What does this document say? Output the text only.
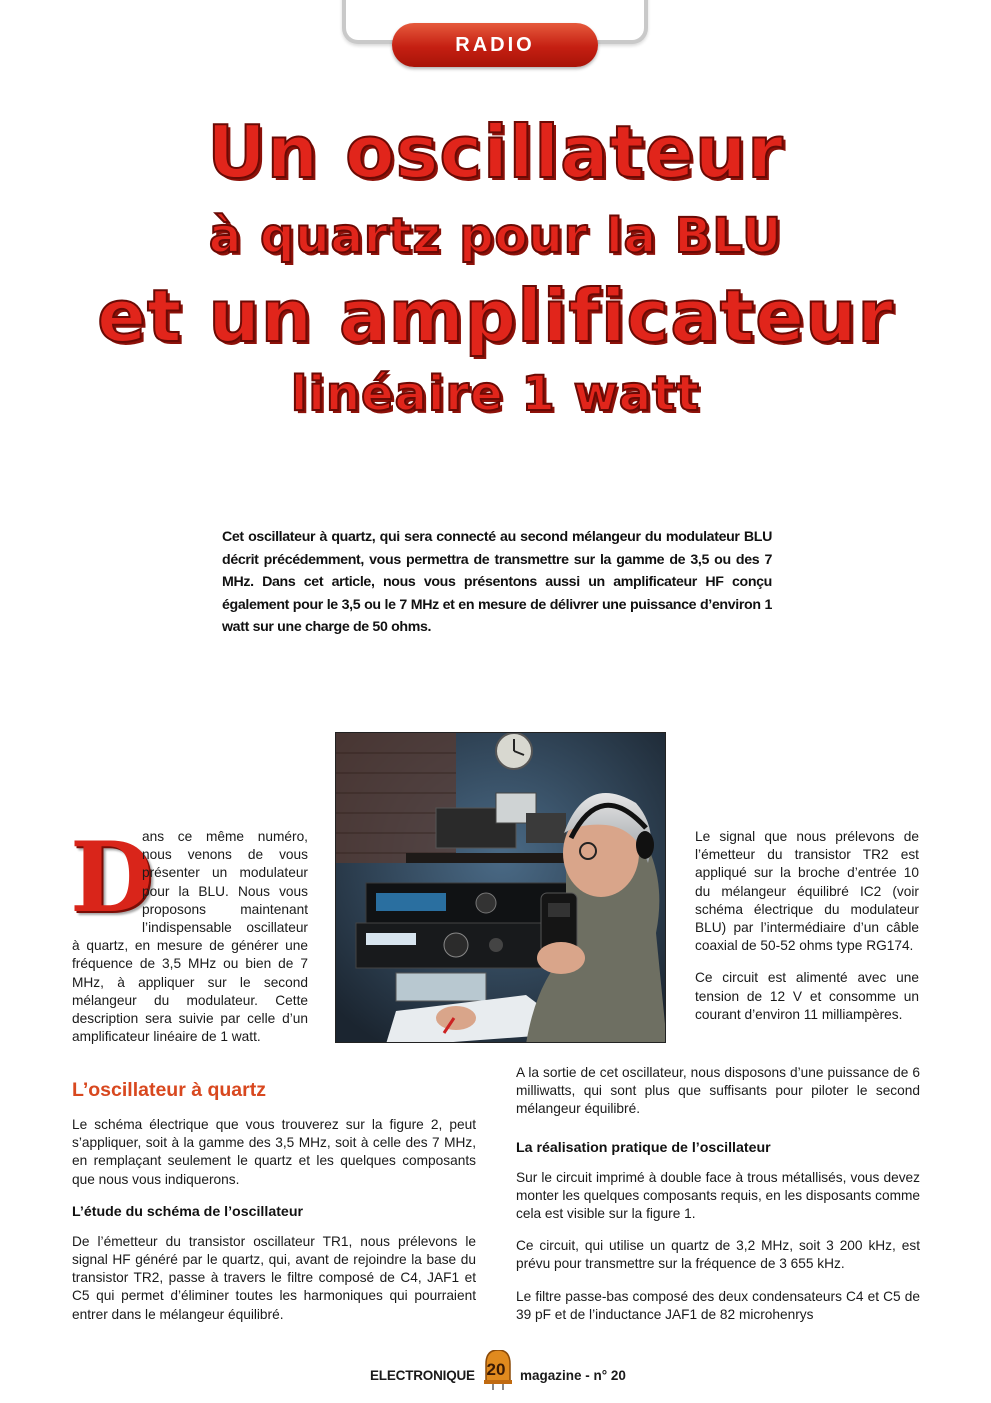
RADIO
Un oscillateur
à quartz pour la BLU
et un amplificateur
linéaire 1 watt

Cet oscillateur à quartz, qui sera connecté au second mélangeur du modulateur BLU décrit précédemment, vous permettra de transmettre sur la gamme de 3,5 ou des 7 MHz. Dans cet article, nous vous présentons aussi un amplificateur HF conçu également pour le 3,5 ou le 7 MHz et en mesure de délivrer une puissance d’environ 1 watt sur une charge de 50 ohms.

D

ans ce même numéro, nous venons de vous présenter un modulateur pour la BLU. Nous vous proposons maintenant l’indispensable oscillateur à quartz, en mesure de générer une fréquence de 3,5 MHz ou bien de 7 MHz, à appliquer sur le second mélangeur du modulateur. Cette description sera suivie par celle d’un amplificateur linéaire de 1 watt.

Le signal que nous prélevons de l’émetteur du transistor TR2 est appliqué sur la broche d’entrée 10 du mélangeur équilibré IC2 (voir schéma électrique du modulateur BLU) par l’intermédiaire d’un câble coaxial de 50-52 ohms type RG174.

Ce circuit est alimenté avec une tension de 12 V et consomme un courant d’environ 11 milliampères.

L’oscillateur à quartz

Le schéma électrique que vous trouverez sur la figure 2, peut s’appliquer, soit à la gamme des 3,5 MHz, soit à celle des 7 MHz, en remplaçant seulement le quartz et les quelques composants que nous vous indiquerons.

L’étude du schéma de l’oscillateur

De l’émetteur du transistor oscillateur TR1, nous prélevons le signal HF généré par le quartz, qui, avant de rejoindre la base du transistor TR2, passe à travers le filtre composé de C4, JAF1 et C5 qui permet d’éliminer toutes les harmoniques qui pourraient entrer dans le mélangeur équilibré.

A la sortie de cet oscillateur, nous disposons d’une puissance de 6 milliwatts, qui sont plus que suffisants pour piloter le second mélangeur équilibré.

La réalisation pratique de l’oscillateur

Sur le circuit imprimé à double face à trous métallisés, vous devez monter les quelques composants requis, en les disposants comme cela est visible sur la figure 1.

Ce circuit, qui utilise un quartz de 3,2 MHz, soit 3 200 kHz, est prévu pour transmettre sur la fréquence de 3 655 kHz.

Le filtre passe-bas composé des deux condensateurs C4 et C5 de 39 pF et de l’inductance JAF1 de 82 microhenrys

ELECTRONIQUE 20 magazine - n° 20
